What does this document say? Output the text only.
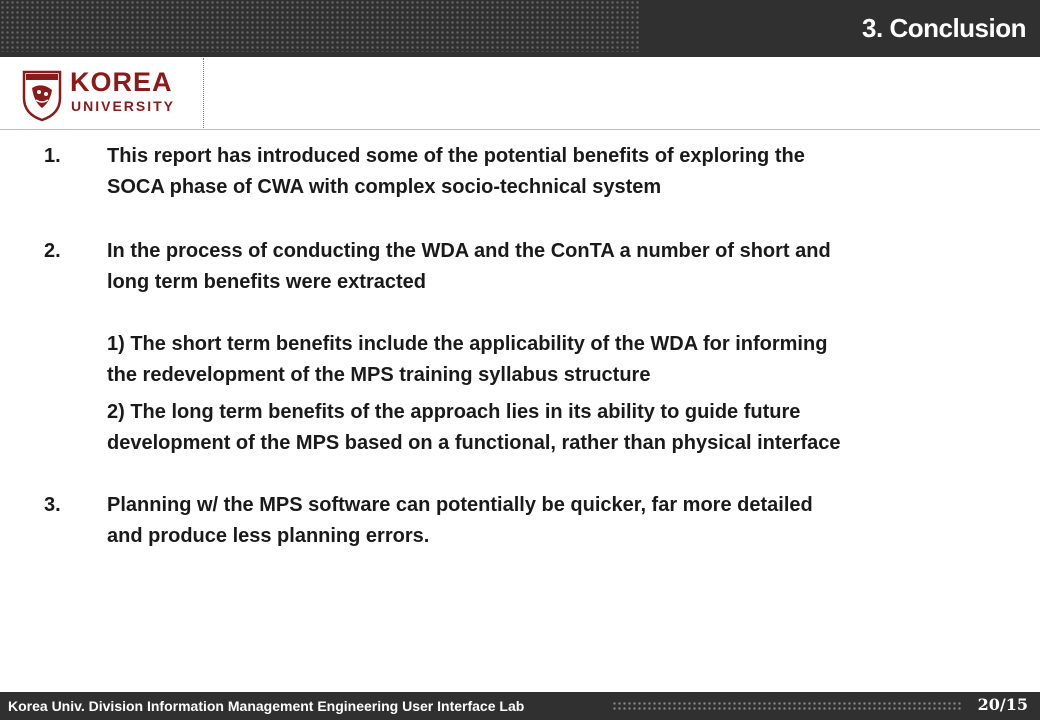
3. Conclusion
KOREA
UNIVERSITY
1. This report has introduced some of the potential benefits of exploring the
SOCA phase of CWA with complex socio-technical system
2. In the process of conducting the WDA and the ConTA a number of short and
long term benefits were extracted
1) The short term benefits include the applicability of the WDA for informing
the redevelopment of the MPS training syllabus structure
2) The long term benefits of the approach lies in its ability to guide future
development of the MPS based on a functional, rather than physical interface
3. Planning w/ the MPS software can potentially be quicker, far more detailed
and produce less planning errors.
Korea Univ. Division Information Management Engineering User Interface Lab	20/15
